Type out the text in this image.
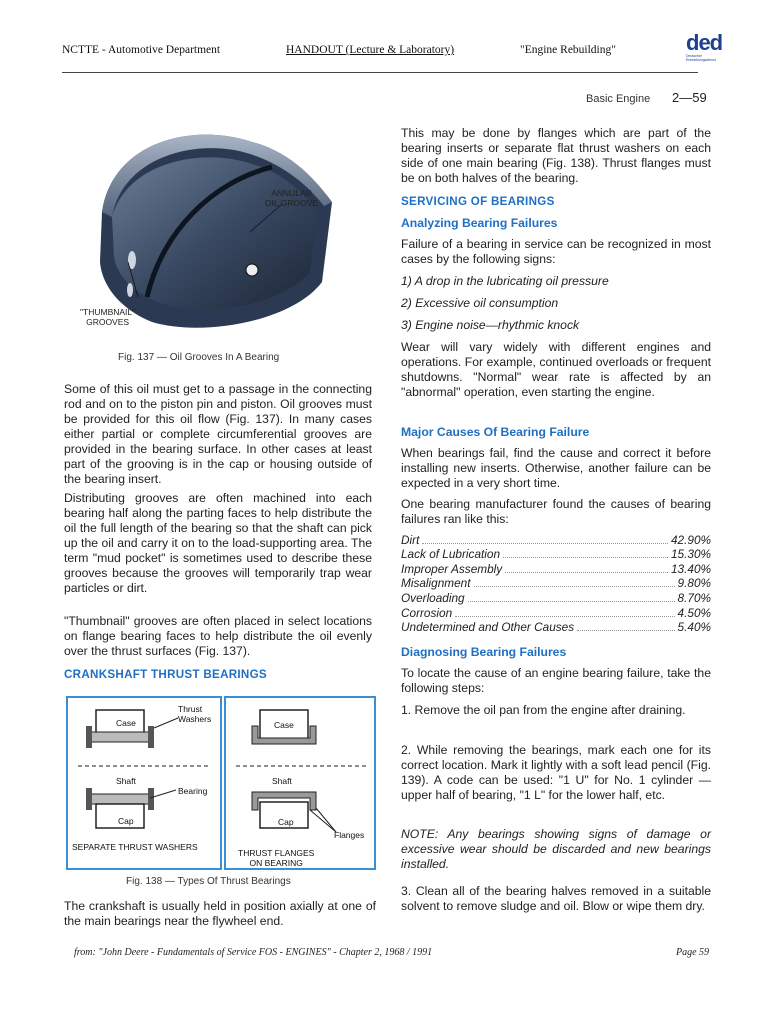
NCTTE - Automotive Department	HANDOUT (Lecture & Laboratory)	"Engine Rebuilding"	ded
Deutscher Entwicklungsdienst
Basic Engine 2—59
ANNULAR
OIL GROOVE
"THUMBNAIL"
GROOVES
Fig. 137 — Oil Grooves In A Bearing
Some of this oil must get to a passage in the connecting rod and on to the piston pin and piston. Oil grooves must be provided for this oil flow (Fig. 137). In many cases either partial or complete circumferential grooves are provided in the bearing surface. In other cases at least part of the grooving is in the cap or housing outside of the bearing insert.
Distributing grooves are often machined into each bearing half along the parting faces to help distribute the oil the full length of the bearing so that the shaft can pick up the oil and carry it on to the load-supporting area. The term "mud pocket" is sometimes used to describe these grooves because the grooves will temporarily trap wear particles or dirt.
"Thumbnail" grooves are often placed in select locations on flange bearing faces to help distribute the oil evenly over the thrust surfaces (Fig. 137).
CRANKSHAFT THRUST BEARINGS
Thrust
Washers
Case
Shaft
Bearing
Cap
SEPARATE THRUST WASHERS
Case
Shaft
Cap
Flanges
THRUST FLANGES
ON BEARING
Fig. 138 — Types Of Thrust Bearings
The crankshaft is usually held in position axially at one of the main bearings near the flywheel end.
This may be done by flanges which are part of the bearing inserts or separate flat thrust washers on each side of one main bearing (Fig. 138). Thrust flanges must be on both halves of the bearing.
SERVICING OF BEARINGS
Analyzing Bearing Failures
Failure of a bearing in service can be recognized in most cases by the following signs:
1) A drop in the lubricating oil pressure
2) Excessive oil consumption
3) Engine noise—rhythmic knock
Wear will vary widely with different engines and operations. For example, continued overloads or frequent shutdowns. "Normal" wear rate is affected by an "abnormal" operation, even starting the engine.
Major Causes Of Bearing Failure
When bearings fail, find the cause and correct it before installing new inserts. Otherwise, another failure can be expected in a very short time.
One bearing manufacturer found the causes of bearing failures ran like this:
Dirt	42.90%
Lack of Lubrication	15.30%
Improper Assembly	13.40%
Misalignment	9.80%
Overloading	8.70%
Corrosion	4.50%
Undetermined and Other Causes	5.40%
Diagnosing Bearing Failures
To locate the cause of an engine bearing failure, take the following steps:
1. Remove the oil pan from the engine after draining.
2. While removing the bearings, mark each one for its correct location. Mark it lightly with a soft lead pencil (Fig. 139). A code can be used: "1 U" for No. 1 cylinder — upper half of bearing, "1 L" for the lower half, etc.
NOTE: Any bearings showing signs of damage or excessive wear should be discarded and new bearings installed.
3. Clean all of the bearing halves removed in a suitable solvent to remove sludge and oil. Blow or wipe them dry.
from: "John Deere - Fundamentals of Service FOS - ENGINES" - Chapter 2, 1968 / 1991	Page 59
